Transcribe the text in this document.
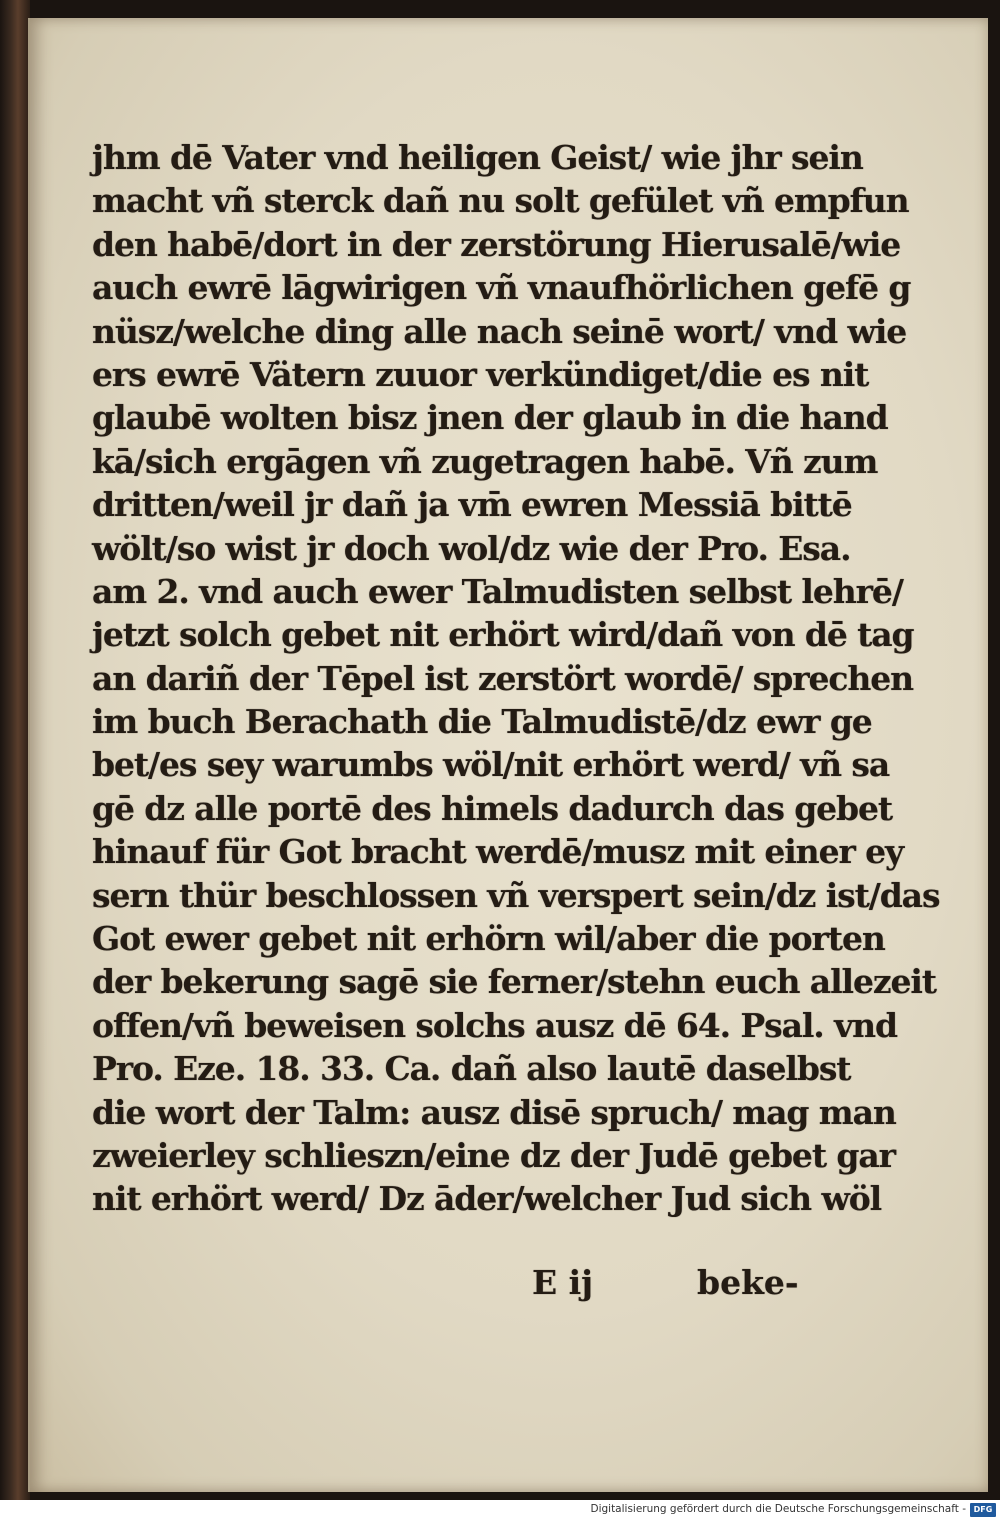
jhm dē Vater vnd heiligen Geist/ wie jhr sein
macht vñ sterck dañ nu solt gefület vñ empfun
den habē/dort in der zerstörung Hierusalē/wie
auch ewrē lāgwirigen vñ vnaufhörlichen gefē g
nüsz/welche ding alle nach seinē wort/ vnd wie
ers ewrē Vätern zuuor verkündiget/die es nit
glaubē wolten bisz jnen der glaub in die hand
kā/sich ergāgen vñ zugetragen habē. Vñ zum
dritten/weil jr dañ ja vm̄ ewren Messiā bittē
wölt/so wist jr doch wol/dz wie der Pro. Esa.
am 2. vnd auch ewer Talmudisten selbst lehrē/
jetzt solch gebet nit erhört wird/dañ von dē tag
an dariñ der Tēpel ist zerstört wordē/ sprechen
im buch Berachath die Talmudistē/dz ewr ge
bet/es sey warumbs wöl/nit erhört werd/ vñ sa
gē dz alle portē des himels dadurch das gebet
hinauf für Got bracht werdē/musz mit einer ey
sern thür beschlossen vñ verspert sein/dz ist/das
Got ewer gebet nit erhörn wil/aber die porten
der bekerung sagē sie ferner/stehn euch allezeit
offen/vñ beweisen solchs ausz dē 64. Psal. vnd
Pro. Eze. 18. 33. Ca. dañ also lautē daselbst
die wort der Talm: ausz disē spruch/ mag man
zweierley schlieszn/eine dz der Judē gebet gar
nit erhört werd/ Dz āder/welcher Jud sich wöl
E ij	beke-
Digitalisierung gefördert durch die Deutsche Forschungsgemeinschaft - DFG
